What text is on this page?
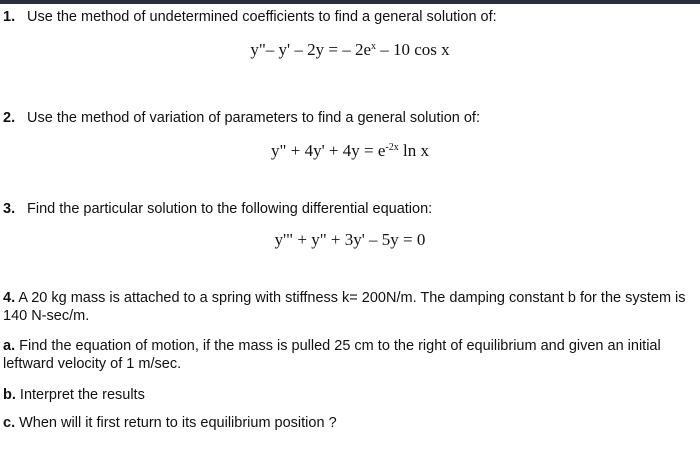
1. Use the method of undetermined coefficients to find a general solution of:
y"– y' – 2y = – $2e^x - 10$ cos x
2. Use the method of variation of parameters to find a general solution of:
y" + $4y' + 4y = e^{-2x}$ ln x
3. Find the particular solution to the following differential equation:
y'" + y" + 3y' – 5y = 0
4. A 20 kg mass is attached to a spring with stiffness k= 200N/m. The damping constant b for the system is 140 N-sec/m.
a. Find the equation of motion, if the mass is pulled 25 cm to the right of equilibrium and given an initial leftward velocity of 1 m/sec.
b. Interpret the results
c. When will it first return to its equilibrium position ?
